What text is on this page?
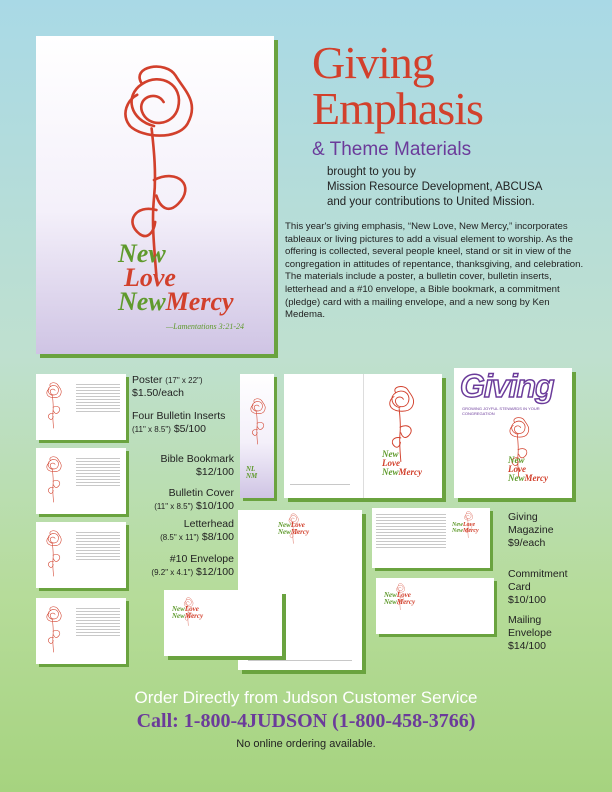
New
Love
NewMercy
—Lamentations 3:21-24
Giving
Emphasis
& Theme Materials
brought to you by
Mission Resource Development, ABCUSA
and your contributions to United Mission.
This year's giving emphasis, “New Love, New Mercy,” incorporates tableaux or living pictures to add a visual element to worship. As the offering is collected, several people kneel, stand or sit in view of the congregation in attitudes of repentance, thanksgiving, and celebration. The materials include a poster, a bulletin cover, bulletin inserts, letterhead and a #10 envelope, a Bible bookmark, a commitment (pledge) card with a mailing envelope, and a new song by Ken Medema.
Poster (17" x 22")
$1.50/each
Four Bulletin Inserts
(11" x 8.5") $5/100
Bible Bookmark
$12/100
Bulletin Cover
(11" x 8.5") $10/100
Letterhead
(8.5" x 11") $8/100
#10 Envelope
(9.2" x 4.1") $12/100
NL
NM
New
Love
NewMercy
Giving
GROWING JOYFUL STEWARDS IN YOUR CONGREGATION
New
Love
NewMercy
NewLove
NewMercy
NewLove
NewMercy
NewLove
NewMercy
NewLove
NewMercy
Giving
Magazine
$9/each
Commitment
Card
$10/100
Mailing
Envelope
$14/100
Order Directly from Judson Customer Service
Call: 1-800-4JUDSON (1-800-458-3766)
No online ordering available.
